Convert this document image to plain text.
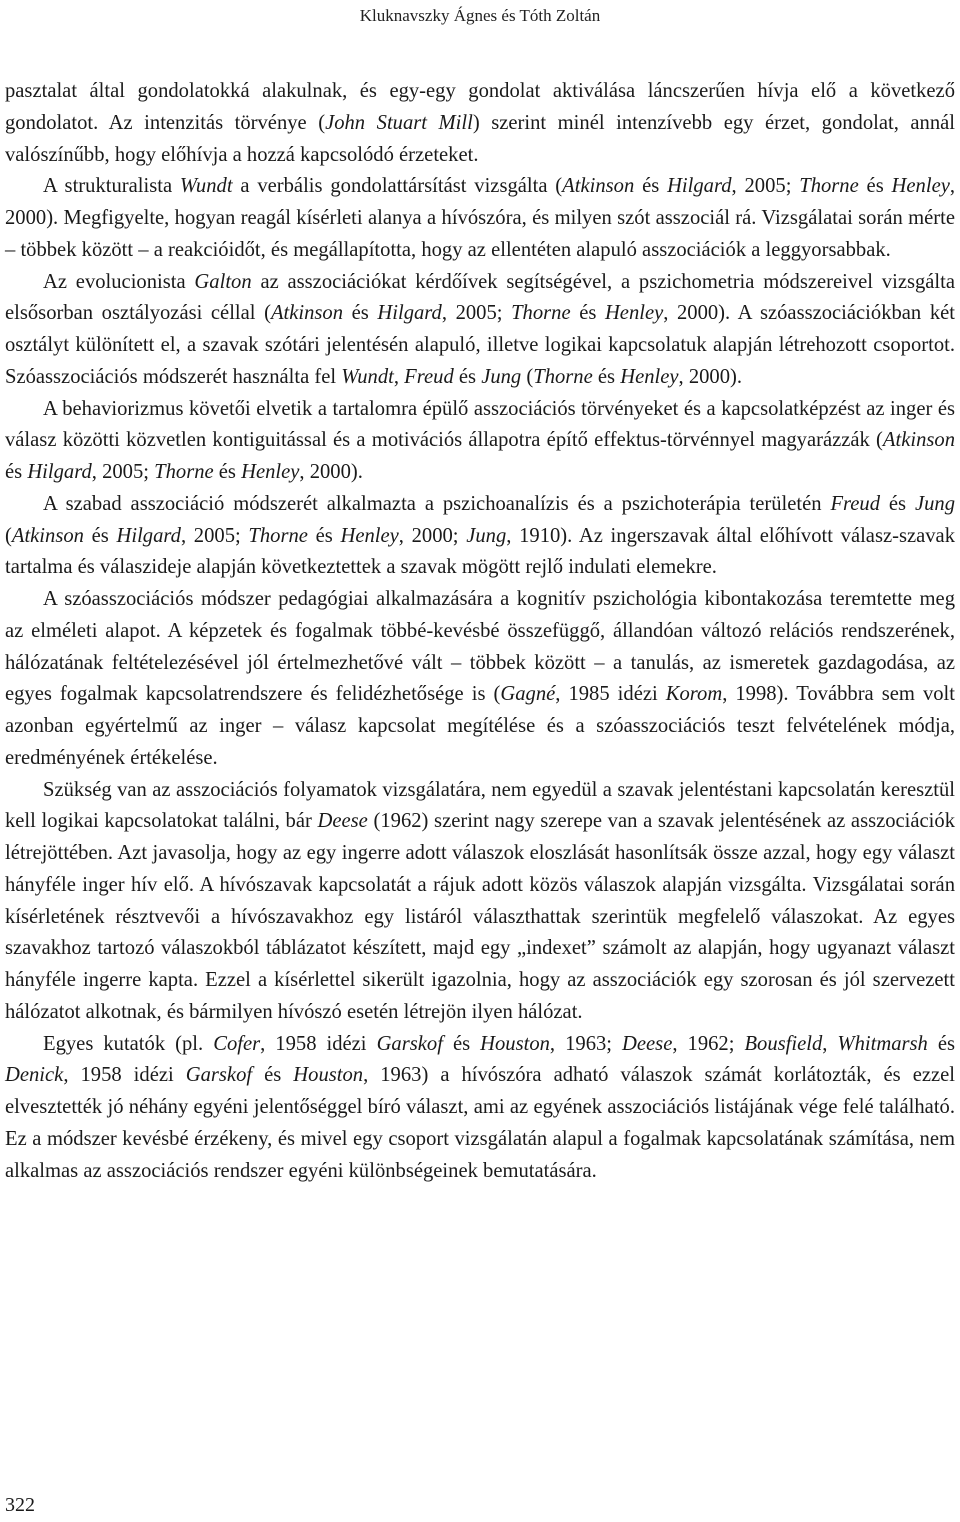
Kluknavszky Ágnes és Tóth Zoltán

pasztalat által gondolatokká alakulnak, és egy-egy gondolat aktiválása láncszerűen hívja elő a következő gondolatot. Az intenzitás törvénye (John Stuart Mill) szerint minél intenzívebb egy érzet, gondolat, annál valószínűbb, hogy előhívja a hozzá kapcsolódó érzeteket.

A strukturalista Wundt a verbális gondolattársítást vizsgálta (Atkinson és Hilgard, 2005; Thorne és Henley, 2000). Megfigyelte, hogyan reagál kísérleti alanya a hívószóra, és milyen szót asszociál rá. Vizsgálatai során mérte – többek között – a reakcióidőt, és megállapította, hogy az ellentéten alapuló asszociációk a leggyorsabbak.

Az evolucionista Galton az asszociációkat kérdőívek segítségével, a pszichometria módszereivel vizsgálta elsősorban osztályozási céllal (Atkinson és Hilgard, 2005; Thorne és Henley, 2000). A szóasszociációkban két osztályt különített el, a szavak szótári jelentésén alapuló, illetve logikai kapcsolatuk alapján létrehozott csoportot. Szóasszociációs módszerét használta fel Wundt, Freud és Jung (Thorne és Henley, 2000).

A behaviorizmus követői elvetik a tartalomra épülő asszociációs törvényeket és a kapcsolatképzést az inger és válasz közötti közvetlen kontiguitással és a motivációs állapotra építő effektus-törvénnyel magyarázzák (Atkinson és Hilgard, 2005; Thorne és Henley, 2000).

A szabad asszociáció módszerét alkalmazta a pszichoanalízis és a pszichoterápia területén Freud és Jung (Atkinson és Hilgard, 2005; Thorne és Henley, 2000; Jung, 1910). Az ingerszavak által előhívott válasz-szavak tartalma és válaszideje alapján következtettek a szavak mögött rejlő indulati elemekre.

A szóasszociációs módszer pedagógiai alkalmazására a kognitív pszichológia kibontakozása teremtette meg az elméleti alapot. A képzetek és fogalmak többé-kevésbé összefüggő, állandóan változó relációs rendszerének, hálózatának feltételezésével jól értelmezhetővé vált – többek között – a tanulás, az ismeretek gazdagodása, az egyes fogalmak kapcsolatrendszere és felidézhetősége is (Gagné, 1985 idézi Korom, 1998). Továbbra sem volt azonban egyértelmű az inger – válasz kapcsolat megítélése és a szóasszociációs teszt felvételének módja, eredményének értékelése.

Szükség van az asszociációs folyamatok vizsgálatára, nem egyedül a szavak jelentéstani kapcsolatán keresztül kell logikai kapcsolatokat találni, bár Deese (1962) szerint nagy szerepe van a szavak jelentésének az asszociációk létrejöttében. Azt javasolja, hogy az egy ingerre adott válaszok eloszlását hasonlítsák össze azzal, hogy egy választ hányféle inger hív elő. A hívószavak kapcsolatát a rájuk adott közös válaszok alapján vizsgálta. Vizsgálatai során kísérletének résztvevői a hívószavakhoz egy listáról választhattak szerintük megfelelő válaszokat. Az egyes szavakhoz tartozó válaszokból táblázatot készített, majd egy „indexet” számolt az alapján, hogy ugyanazt választ hányféle ingerre kapta. Ezzel a kísérlettel sikerült igazolnia, hogy az asszociációk egy szorosan és jól szervezett hálózatot alkotnak, és bármilyen hívószó esetén létrejön ilyen hálózat.

Egyes kutatók (pl. Cofer, 1958 idézi Garskof és Houston, 1963; Deese, 1962; Bousfield, Whitmarsh és Denick, 1958 idézi Garskof és Houston, 1963) a hívószóra adható válaszok számát korlátozták, és ezzel elvesztették jó néhány egyéni jelentőséggel bíró választ, ami az egyének asszociációs listájának vége felé található. Ez a módszer kevésbé érzékeny, és mivel egy csoport vizsgálatán alapul a fogalmak kapcsolatának számítása, nem alkalmas az asszociációs rendszer egyéni különbségeinek bemutatására.

322
